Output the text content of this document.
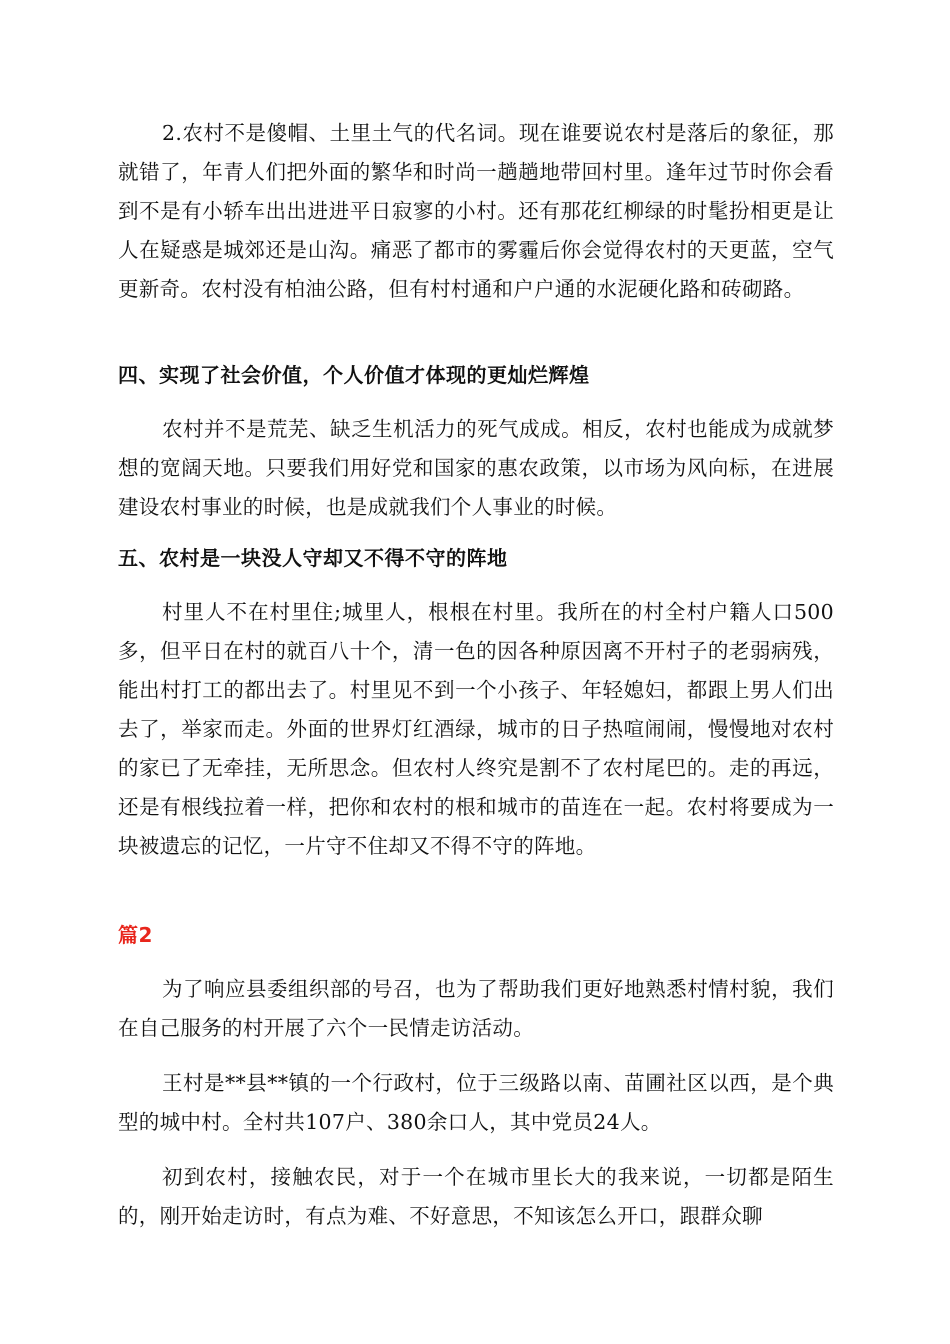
2.农村不是傻帽、土里土气的代名词。现在谁要说农村是落后的象征，那就错了，年青人们把外面的繁华和时尚一趟趟地带回村里。逢年过节时你会看到不是有小轿车出出进进平日寂寥的小村。还有那花红柳绿的时髦扮相更是让人在疑惑是城郊还是山沟。痛恶了都市的雾霾后你会觉得农村的天更蓝，空气更新奇。农村没有柏油公路，但有村村通和户户通的水泥硬化路和砖砌路。

四、实现了社会价值，个人价值才体现的更灿烂辉煌

农村并不是荒芜、缺乏生机活力的死气成成。相反，农村也能成为成就梦想的宽阔天地。只要我们用好党和国家的惠农政策，以市场为风向标，在进展建设农村事业的时候，也是成就我们个人事业的时候。

五、农村是一块没人守却又不得不守的阵地

村里人不在村里住;城里人，根根在村里。我所在的村全村户籍人口500多，但平日在村的就百八十个，清一色的因各种原因离不开村子的老弱病残，能出村打工的都出去了。村里见不到一个小孩子、年轻媳妇，都跟上男人们出去了，举家而走。外面的世界灯红酒绿，城市的日子热喧闹闹，慢慢地对农村的家已了无牵挂，无所思念。但农村人终究是割不了农村尾巴的。走的再远，还是有根线拉着一样，把你和农村的根和城市的苗连在一起。农村将要成为一块被遗忘的记忆，一片守不住却又不得不守的阵地。

篇2

为了响应县委组织部的号召，也为了帮助我们更好地熟悉村情村貌，我们在自己服务的村开展了六个一民情走访活动。

王村是**县**镇的一个行政村，位于三级路以南、苗圃社区以西，是个典型的城中村。全村共107户、380余口人，其中党员24人。

初到农村，接触农民，对于一个在城市里长大的我来说，一切都是陌生的，刚开始走访时，有点为难、不好意思，不知该怎么开口，跟群众聊
